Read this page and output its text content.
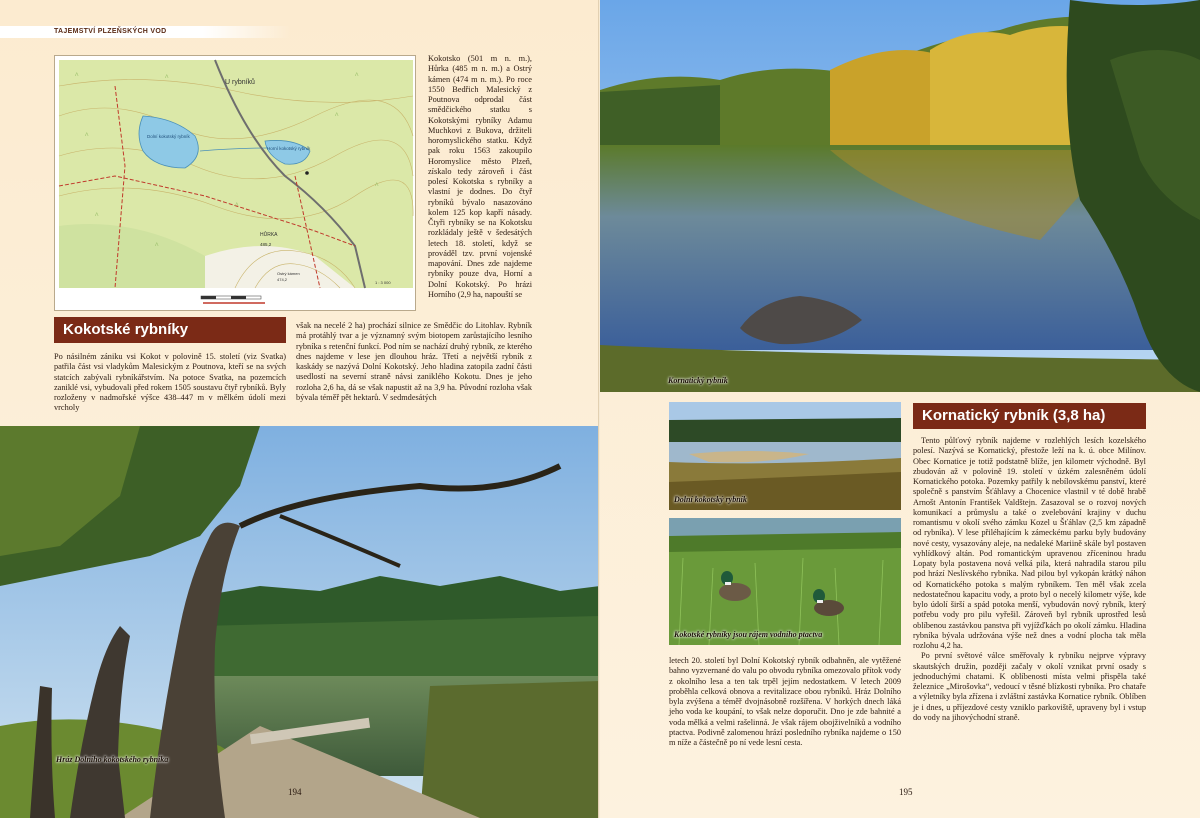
TAJEMSTVÍ PLZEŇSKÝCH VOD
ᐱ	ᐱ	ᐱ
ᐱ
ᐱ
ᐱ
ᐱ
ᐱ
ᐱ
U rybníků
Dolní kokotský rybník
Horní kokotský rybník
HŮRKA
485,2
Ostrý kámen
474,2
1 : 3 000
Kokotsko (501 m n. m.), Hůrka (485 m n. m.) a Ostrý kámen (474 m n. m.). Po roce 1550 Bedřich Malesický z Poutnova odprodal část smědčického statku s Kokotskými rybníky Adamu Muchkovi z Bukova, držiteli horomyslického statku. Když pak roku 1563 zakoupilo Horomyslice město Plzeň, získalo tedy zároveň i část polesí Kokotska s rybníky a vlastní je dodnes. Do čtyř rybníků bývalo nasazováno kolem 125 kop kapří násady. Čtyři rybníky se na Kokotsku rozkládaly ještě v šedesátých letech 18. století, když se prováděl tzv. první vojenské mapování. Dnes zde najdeme rybníky pouze dva, Horní a Dolní Kokotský. Po hrázi Horního (2,9 ha, napouští se
Kokotské rybníky	však na necelé 2 ha) prochází silnice ze Smědčic do Litohlav. Rybník má protáhlý tvar a je významný svým biotopem zarůstajícího lesního rybníka s retenční funkcí. Pod ním se nachází druhý rybník, ze kterého dnes najdeme v lese jen dlouhou hráz. Třetí a největší rybník z kaskády se nazývá Dolní Kokotský. Jeho hladina zatopila zadní části usedlostí na severní straně návsi zaniklého Kokotu. Dnes je jeho rozloha 2,6 ha, dá se však napustit až na 3,9 ha. Původní rozloha však bývala téměř pět hektarů. V sedmdesátých
Po násilném zániku vsi Kokot v polovině 15. století (viz Svatka) patřila část vsi vladykům Malesickým z Poutnova, kteří se na svých statcích zabývali rybníkářstvím. Na potoce Svatka, na pozemcích zaniklé vsi, vybudovali před rokem 1505 soustavu čtyř rybníků. Byly rozloženy v nadmořské výšce 438–447 m v mělkém údolí mezi vrcholy
Hráz Dolního kokotského rybníka
194
Kornatický rybník
Dolní kokotský rybník
Kokotské rybníky jsou rájem vodního ptactva
Kornatický rybník (3,8 ha)
letech 20. století byl Dolní Kokotský rybník odbahněn, ale vytěžené bahno vyzvernané do valu po obvodu rybníka omezovalo přítok vody z okolního lesa a ten tak trpěl jejím nedostatkem. V letech 2009 proběhla celková obnova a revitalizace obou rybníků. Hráz Dolního byla zvýšena a téměř dvojnásobně rozšířena. V horkých dnech láká jeho voda ke koupání, to však nelze doporučit. Dno je zde bahnité a voda mělká a velmi rašelinná. Je však rájem obojživelníků a vodního ptactva. Podivně zalomenou hrází posledního rybníka najdeme o 150 m níže a částečně po ní vede lesní cesta.

Tento půlťový rybník najdeme v rozlehlých lesích kozelského polesí. Nazývá se Kornatický, přestože leží na k. ú. obce Milínov. Obec Kornatice je totiž podstatně blíže, jen kilometr východně. Byl zbudován až v polovině 19. století v úzkém zalesněném údolí Kornatického potoka. Pozemky patřily k nebílovskému panství, které společně s panstvím Šťáhlavy a Chocenice vlastnil v té době hrabě Arnošt Antonín František Valdštejn. Zasazoval se o rozvoj nových komunikací a průmyslu a také o zvelebování krajiny v duchu romantismu v okolí svého zámku Kozel u Šťáhlav (2,5 km západně od rybníka). V lese přiléhajícím k zámeckému parku byly budovány nové cesty, vysazovány aleje, na nedaleké Mariině skále byl postaven vyhlídkový altán. Pod romantickým upravenou zříceninou hradu Lopaty byla postavena nová velká pila, která nahradila starou pilu pod hrází Neslívského rybníka. Nad pilou byl vykopán krátký náhon od Kornatického potoka s malým rybníkem. Ten měl však zcela nedostatečnou kapacitu vody, a proto byl o necelý kilometr výše, kde bylo údolí širší a spád potoka menší, vybudován nový rybník, který potřebu vody pro pilu vyřešil. Zároveň byl rybník uprostřed lesů oblíbenou zastávkou panstva při vyjížďkách po okolí zámku. Hladina rybníka bývala udržována výše než dnes a vodní plocha tak měla rozlohu 4,2 ha.

Po první světové válce směřovaly k rybníku nejprve výpravy skautských družin, později začaly v okolí vznikat první osady s jednoduchými chatami. K oblíbenosti místa velmi přispěla také železnice „Mirošovka“, vedoucí v těsné blízkosti rybníka. Pro chataře a výletníky byla zřízena i zvláštní zastávka Kornatice rybník. Oblíben je i dnes, u příjezdové cesty vzniklo parkoviště, upraveny byl i vstup do vody na jihovýchodní straně.

195
